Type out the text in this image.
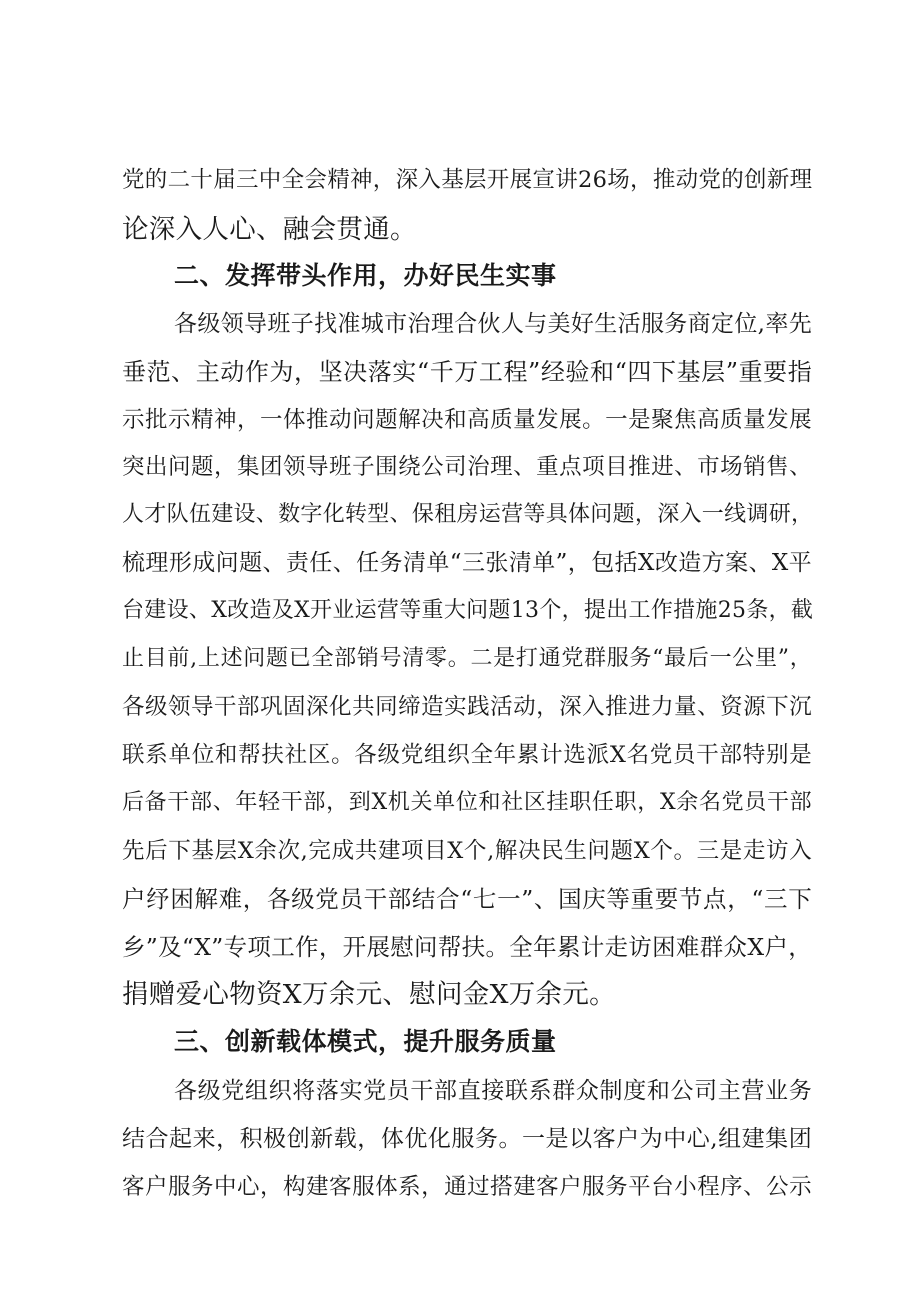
党的二十届三中全会精神，深入基层开展宣讲26场，推动党的创新理
论深入人心、融会贯通。
二、发挥带头作用，办好民生实事
各级领导班子找准城市治理合伙人与美好生活服务商定位,率先
垂范、主动作为，坚决落实“千万工程”经验和“四下基层”重要指
示批示精神，一体推动问题解决和高质量发展。一是聚焦高质量发展
突出问题，集团领导班子围绕公司治理、重点项目推进、市场销售、
人才队伍建设、数字化转型、保租房运营等具体问题，深入一线调研，
梳理形成问题、责任、任务清单“三张清单”，包括X改造方案、X平
台建设、X改造及X开业运营等重大问题13个，提出工作措施25条，截
止目前,上述问题已全部销号清零。二是打通党群服务“最后一公里”，
各级领导干部巩固深化共同缔造实践活动，深入推进力量、资源下沉
联系单位和帮扶社区。各级党组织全年累计选派X名党员干部特别是
后备干部、年轻干部，到X机关单位和社区挂职任职，X余名党员干部
先后下基层X余次,完成共建项目X个,解决民生问题X个。三是走访入
户纾困解难，各级党员干部结合“七一”、国庆等重要节点，“三下
乡”及“X”专项工作，开展慰问帮扶。全年累计走访困难群众X户，
捐赠爱心物资X万余元、慰问金X万余元。
三、创新载体模式，提升服务质量
各级党组织将落实党员干部直接联系群众制度和公司主营业务
结合起来，积极创新载，体优化服务。一是以客户为中心,组建集团
客户服务中心，构建客服体系，通过搭建客户服务平台小程序、公示
